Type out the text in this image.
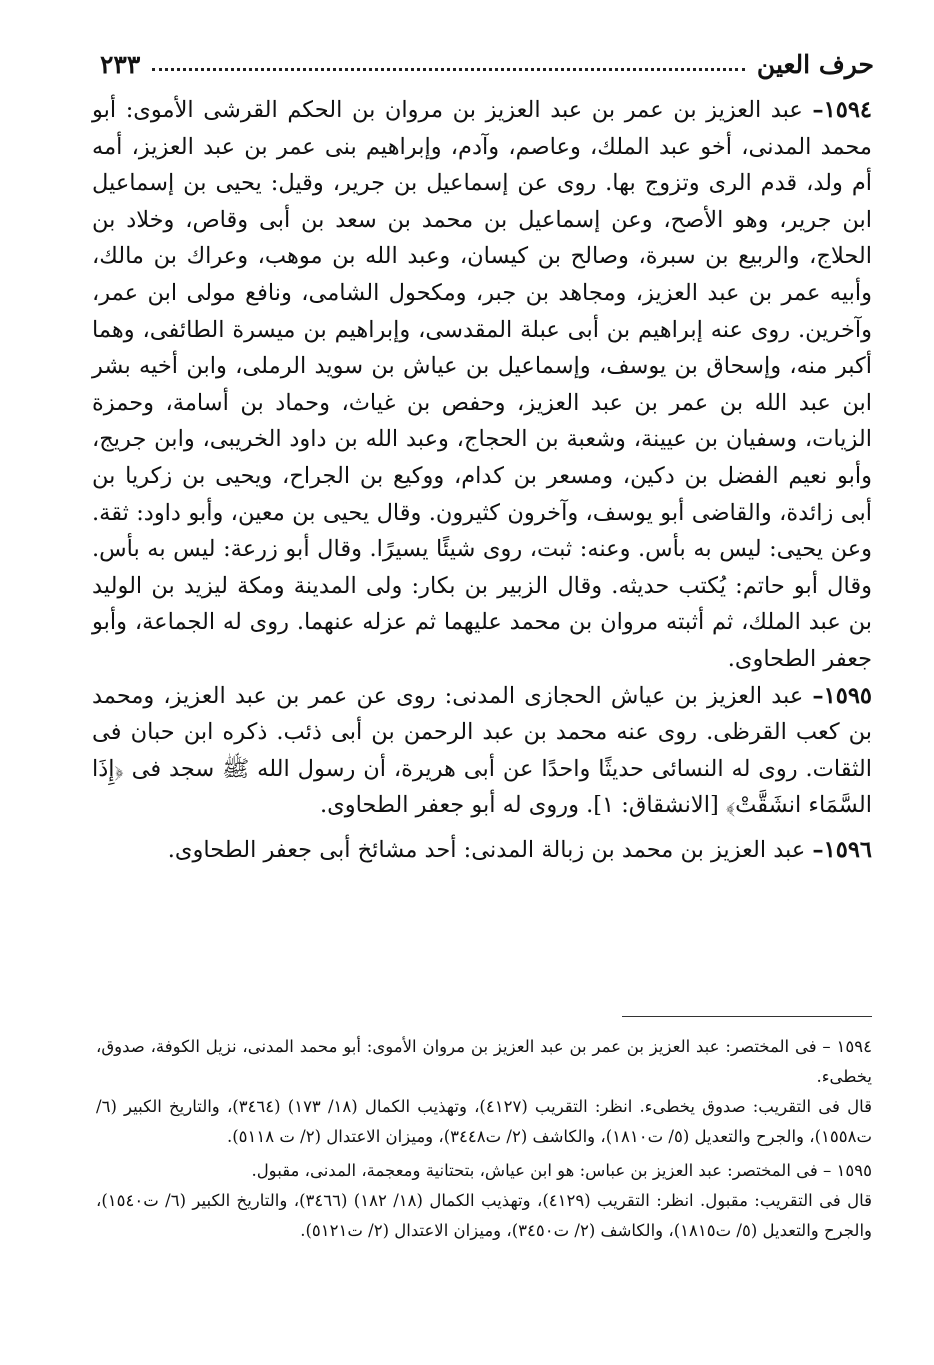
حرف العين
٢٣٣

١٥٩٤– عبد العزيز بن عمر بن عبد العزيز بن مروان بن الحكم القرشى الأموى: أبو محمد المدنى، أخو عبد الملك، وعاصم، وآدم، وإبراهيم بنى عمر بن عبد العزيز، أمه أم ولد، قدم الرى وتزوج بها. روى عن إسماعيل بن جرير، وقيل: يحيى بن إسماعيل ابن جرير، وهو الأصح، وعن إسماعيل بن محمد بن سعد بن أبى وقاص، وخلاد بن الحلاج، والربيع بن سبرة، وصالح بن كيسان، وعبد الله بن موهب، وعراك بن مالك، وأبيه عمر بن عبد العزيز، ومجاهد بن جبر، ومكحول الشامى، ونافع مولى ابن عمر، وآخرين. روى عنه إبراهيم بن أبى عبلة المقدسى، وإبراهيم بن ميسرة الطائفى، وهما أكبر منه، وإسحاق بن يوسف، وإسماعيل بن عياش بن سويد الرملى، وابن أخيه بشر ابن عبد الله بن عمر بن عبد العزيز، وحفص بن غياث، وحماد بن أسامة، وحمزة الزيات، وسفيان بن عيينة، وشعبة بن الحجاج، وعبد الله بن داود الخريبى، وابن جريج، وأبو نعيم الفضل بن دكين، ومسعر بن كدام، ووكيع بن الجراح، ويحيى بن زكريا بن أبى زائدة، والقاضى أبو يوسف، وآخرون كثيرون. وقال يحيى بن معين، وأبو داود: ثقة. وعن يحيى: ليس به بأس. وعنه: ثبت، روى شيئًا يسيرًا. وقال أبو زرعة: ليس به بأس. وقال أبو حاتم: يُكتب حديثه. وقال الزبير بن بكار: ولى المدينة ومكة ليزيد بن الوليد بن عبد الملك، ثم أثبته مروان بن محمد عليهما ثم عزله عنهما. روى له الجماعة، وأبو جعفر الطحاوى.

١٥٩٥– عبد العزيز بن عياش الحجازى المدنى: روى عن عمر بن عبد العزيز، ومحمد بن كعب القرظى. روى عنه محمد بن عبد الرحمن بن أبى ذئب. ذكره ابن حبان فى الثقات. روى له النسائى حديثًا واحدًا عن أبى هريرة، أن رسول الله ﷺ سجد فى ﴿إِذَا السَّمَاء انشَقَّتْ﴾ [الانشقاق: ١]. وروى له أبو جعفر الطحاوى.

١٥٩٦– عبد العزيز بن محمد بن زبالة المدنى: أحد مشائخ أبى جعفر الطحاوى.

١٥٩٤ – فى المختصر: عبد العزيز بن عمر بن عبد العزيز بن مروان الأموى: أبو محمد المدنى، نزيل الكوفة، صدوق، يخطىء.

قال فى التقريب: صدوق يخطىء. انظر: التقريب (٤١٢٧)، وتهذيب الكمال (١٨/ ١٧٣) (٣٤٦٤)، والتاريخ الكبير (٦/ ت١٥٥٨)، والجرح والتعديل (٥/ ت١٨١٠)، والكاشف (٢/ ت٣٤٤٨)، وميزان الاعتدال (٢/ ت ٥١١٨).

١٥٩٥ – فى المختصر: عبد العزيز بن عباس: هو ابن عياش، بتحتانية ومعجمة، المدنى، مقبول.

قال فى التقريب: مقبول. انظر: التقريب (٤١٢٩)، وتهذيب الكمال (١٨/ ١٨٢) (٣٤٦٦)، والتاريخ الكبير (٦/ ت١٥٤٠)، والجرح والتعديل (٥/ ت١٨١٥)، والكاشف (٢/ ت٣٤٥٠)، وميزان الاعتدال (٢/ ت٥١٢١).
